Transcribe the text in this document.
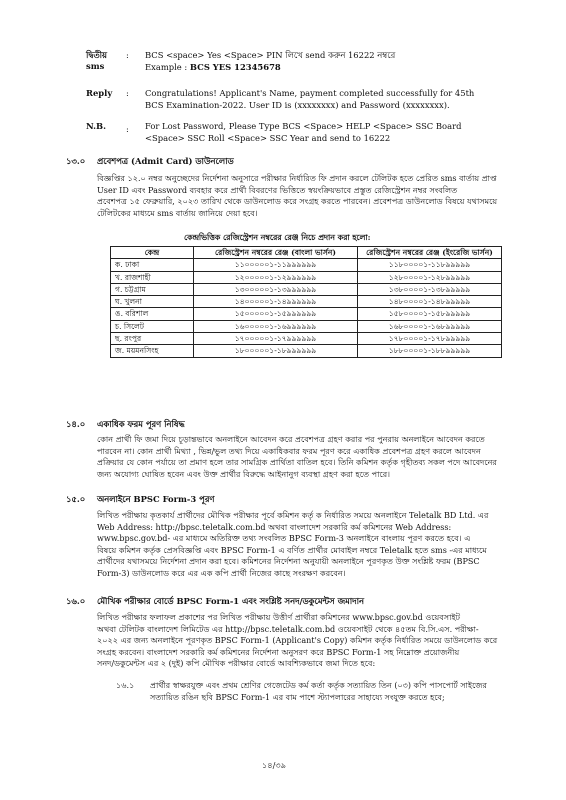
দ্বিতীয় sms
: BCS <space> Yes <Space> PIN লিখে send করুন 16222 নম্বরে
Example : BCS YES 12345678
Reply : Congratulations! Applicant's Name, payment completed successfully for 45th
BCS Examination-2022. User ID is (xxxxxxxx) and Password (xxxxxxxx).
N.B. : For Lost Password, Please Type BCS <Space> HELP <Space> SSC Board
<Space> SSC Roll <Space> SSC Year and send to 16222
১৩.০ প্রবেশপত্র (Admit Card) ডাউনলোড
বিজ্ঞপ্তির ১২.০ নম্বর অনুচ্ছেদের নির্দেশনা অনুসারে পরীক্ষার নির্ধারিত ফি প্রদান করলে টেলিটক হতে প্রেরিত sms বার্তায় প্রাপ্ত
User ID এবং Password ব্যবহার করে প্রার্থী বিবরণের ভিত্তিতে স্বয়ংক্রিয়ভাবে প্রস্তুত রেজিস্ট্রেশন নম্বর সংবলিত
প্রবেশপত্র ১৫ ফেব্রুয়ারি, ২০২৩ তারিখ থেকে ডাউনলোড করে সংগ্রহ করতে পারবেন। প্রবেশপত্র ডাউনলোড বিষয়ে যথাসময়ে
টেলিটকের মাধ্যমে sms বার্তায় জানিয়ে দেয়া হবে।
কেন্দ্রভিত্তিক রেজিস্ট্রেশন নম্বরের রেঞ্জ নিচে প্রদান করা হলো:
কেন্দ্র	রেজিস্ট্রেশন নম্বরের রেঞ্জ (বাংলা ভার্সন)	রেজিস্ট্রেশন নম্বরের রেঞ্জ (ইংরেজি ভার্সন)
ক. ঢাকা	১১০০০০০১-১১৯৯৯৯৯৯	১১৮০০০০১-১১৮৯৯৯৯৯
খ. রাজশাহী	১২০০০০০১-১২৯৯৯৯৯৯	১২৮০০০০১-১২৮৯৯৯৯৯
গ. চট্টগ্রাম	১৩০০০০০১-১৩৯৯৯৯৯৯	১৩৮০০০০১-১৩৮৯৯৯৯৯
ঘ. খুলনা	১৪০০০০০১-১৪৯৯৯৯৯৯	১৪৮০০০০১-১৪৮৯৯৯৯৯
ঙ. বরিশাল	১৫০০০০০১-১৫৯৯৯৯৯৯	১৫৮০০০০১-১৫৮৯৯৯৯৯
চ. সিলেট	১৬০০০০০১-১৬৯৯৯৯৯৯	১৬৮০০০০১-১৬৮৯৯৯৯৯
ছ. রংপুর	১৭০০০০০১-১৭৯৯৯৯৯৯	১৭৮০০০০১-১৭৮৯৯৯৯৯
জ. ময়মনসিংহ	১৮০০০০০১-১৮৯৯৯৯৯৯	১৮৮০০০০১-১৮৮৯৯৯৯৯
১৪.০ একাধিক ফরম পূরণ নিষিদ্ধ
কোন প্রার্থী ফি জমা দিয়ে চূড়ান্তভাবে অনলাইনে আবেদন করে প্রবেশপত্র গ্রহণ করার পর পুনরায় অনলাইনে আবেদন করতে
পারবেন না। কোন প্রার্থী মিথ্যা , ভিন্ন/ভুল তথ্য দিয়ে একাধিকবার ফরম পূরণ করে একাধিক প্রবেশপত্র গ্রহণ করলে আবেদন
প্রক্রিয়ার যে কোন পর্যায়ে তা প্রমাণ হলে তার সামগ্রিক প্রার্থিতা বাতিল হবে। তিনি কমিশন কর্তৃক গৃহীতব্য সকল পদে আবেদনের
জন্য অযোগ্য ঘোষিত হবেন এবং উক্ত প্রার্থীর বিরুদ্ধে আইনানুগ ব্যবস্থা গ্রহণ করা হতে পারে।
১৫.০ অনলাইনে BPSC Form-3 পূরণ
লিখিত পরীক্ষায় কৃতকার্য প্রার্থীদের মৌখিক পরীক্ষার পূর্বে কমিশন কর্তৃ ক নির্ধারিত সময়ে অনলাইনে Teletalk BD Ltd. এর
Web Address: http://bpsc.teletalk.com.bd অথবা বাংলাদেশ সরকারি কর্ম কমিশনের Web Address:
www.bpsc.gov.bd- এর মাধ্যমে অতিরিক্ত তথ্য সংবলিত BPSC Form-3 অনলাইনে বাংলায় পূরণ করতে হবে। এ
বিষয়ে কমিশন কর্তৃক প্রেসবিজ্ঞপ্তি এবং BPSC Form-1 এ বর্ণিত প্রার্থীর মোবাইল নম্বরে Teletalk হতে sms -এর মাধ্যমে
প্রার্থীদের যথাসময়ে নির্দেশনা প্রদান করা হবে। কমিশনের নির্দেশনা অনুযায়ী অনলাইনে পূরণকৃত উক্ত সংশ্লিষ্ট ফরম (BPSC
Form-3) ডাউনলোড করে এর এক কপি প্রার্থী নিজের কাছে সংরক্ষণ করবেন।
১৬.০ মৌখিক পরীক্ষার বোর্ডে BPSC Form-1 এবং সংশ্লিষ্ট সনদ/ডকুমেন্টস জমাদান
লিখিত পরীক্ষার ফলাফল প্রকাশের পর লিখিত পরীক্ষায় উত্তীর্ণ প্রার্থীরা কমিশনের www.bpsc.gov.bd ওয়েবসাইট
অথবা টেলিটক বাংলাদেশ লিমিটেড এর http://bpsc.teletalk.com.bd ওয়েবসাইট থেকে ৪৫তম বি.সি.এস. পরীক্ষা-
২০২২ এর জন্য অনলাইনে পূরণকৃত BPSC Form-1 (Applicant's Copy) কমিশন কর্তৃক নির্ধারিত সময়ে ডাউনলোড করে
সংগ্রহ করবেন। বাংলাদেশ সরকারি কর্ম কমিশনের নির্দেশনা অনুসরণ করে BPSC Form-1 সহ নিম্নোক্ত প্রয়োজনীয়
সনদ/ডকুমেন্টস এর ২ (দুই) কপি মৌখিক পরীক্ষার বোর্ডে আবশ্যিকভাবে জমা দিতে হবে:
১৬.১ প্রার্থীর স্বাক্ষরযুক্ত এবং প্রথম শ্রেণির গেজেটেড কর্ম কর্তা কর্তৃক সত্যায়িত তিন (০৩) কপি পাসপোর্ট সাইজের
সত্যায়িত রঙিন ছবি BPSC Form-1 এর বাম পাশে স্ট্যাপলারের সাহায্যে সংযুক্ত করতে হবে;
১৪/৩৯
